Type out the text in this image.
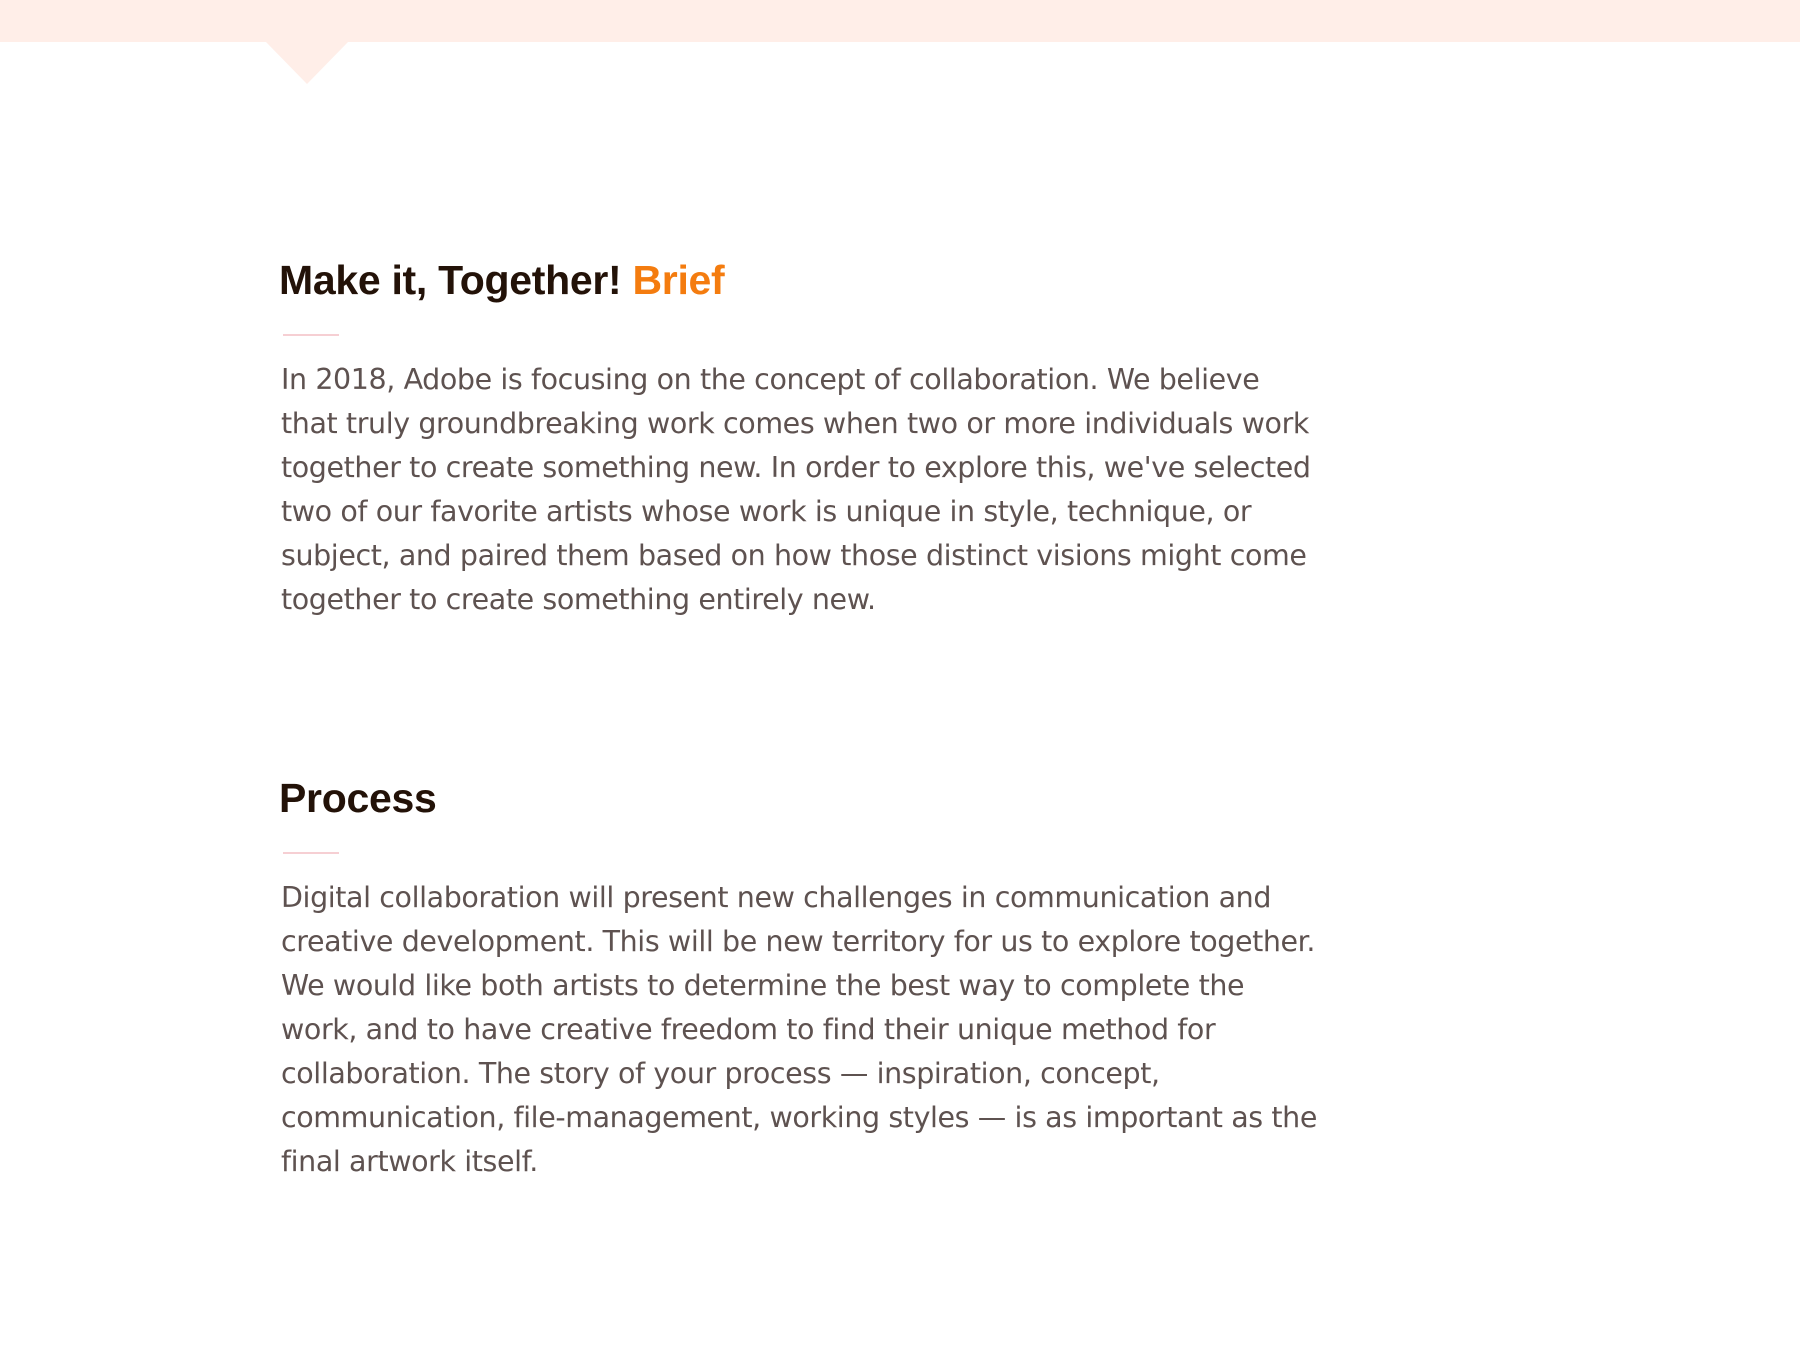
Make it, Together! Brief

In 2018, Adobe is focusing on the concept of collaboration. We believe that truly groundbreaking work comes when two or more individuals work together to create something new. In order to explore this, we've selected two of our favorite artists whose work is unique in style, technique, or subject, and paired them based on how those distinct visions might come together to create something entirely new.

Process

Digital collaboration will present new challenges in communication and creative development. This will be new territory for us to explore together. We would like both artists to determine the best way to complete the work, and to have creative freedom to find their unique method for collaboration. The story of your process — inspiration, concept, communication, file-management, working styles — is as important as the final artwork itself.
